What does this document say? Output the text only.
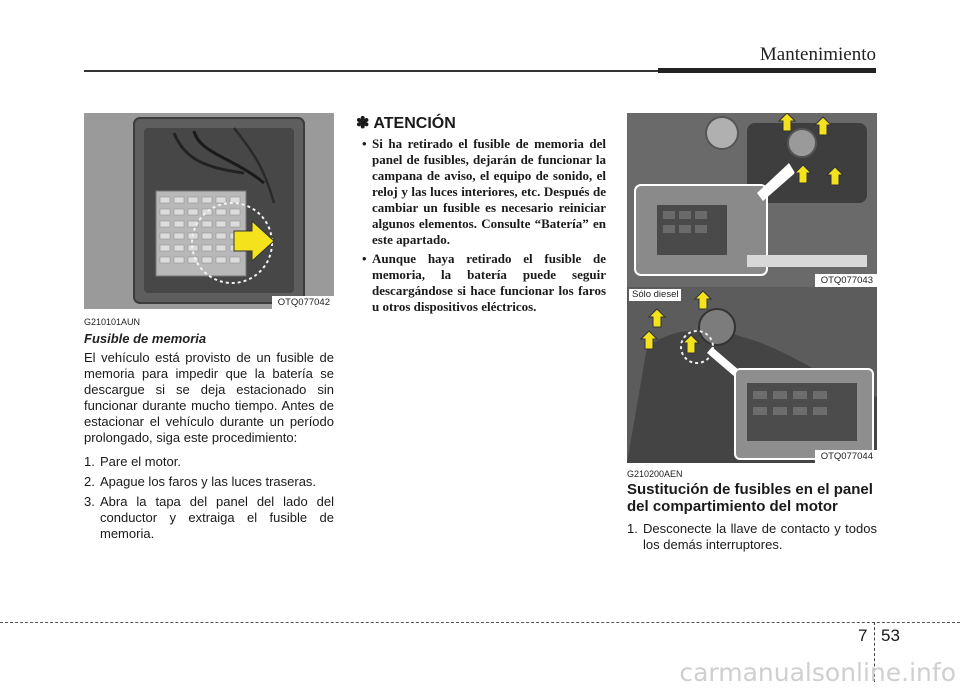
Mantenimiento
OTQ077042
G210101AUN
Fusible de memoria
El vehículo está provisto de un fusible de memoria para impedir que la batería se descargue si se deja estacionado sin funcionar durante mucho tiempo. Antes de estacionar el vehículo durante un período prolongado, siga este procedimiento:
1. Pare el motor.
2. Apague los faros y las luces traseras.
3. Abra la tapa del panel del lado del conductor y extraiga el fusible de memoria.
✽ ATENCIÓN
• Si ha retirado el fusible de memoria del panel de fusibles, dejarán de funcionar la campana de aviso, el equipo de sonido, el reloj y las luces interiores, etc. Después de cambiar un fusible es necesario reiniciar algunos elementos. Consulte “Batería” en este apartado.
• Aunque haya retirado el fusible de memoria, la batería puede seguir descargándose si hace funcionar los faros u otros dispositivos eléctricos.
OTQ077043
Sólo diesel
OTQ077044
G210200AEN
Sustitución de fusibles en el panel del compartimiento del motor
1. Desconecte la llave de contacto y todos los demás interruptores.
7 53
carmanualsonline.info
